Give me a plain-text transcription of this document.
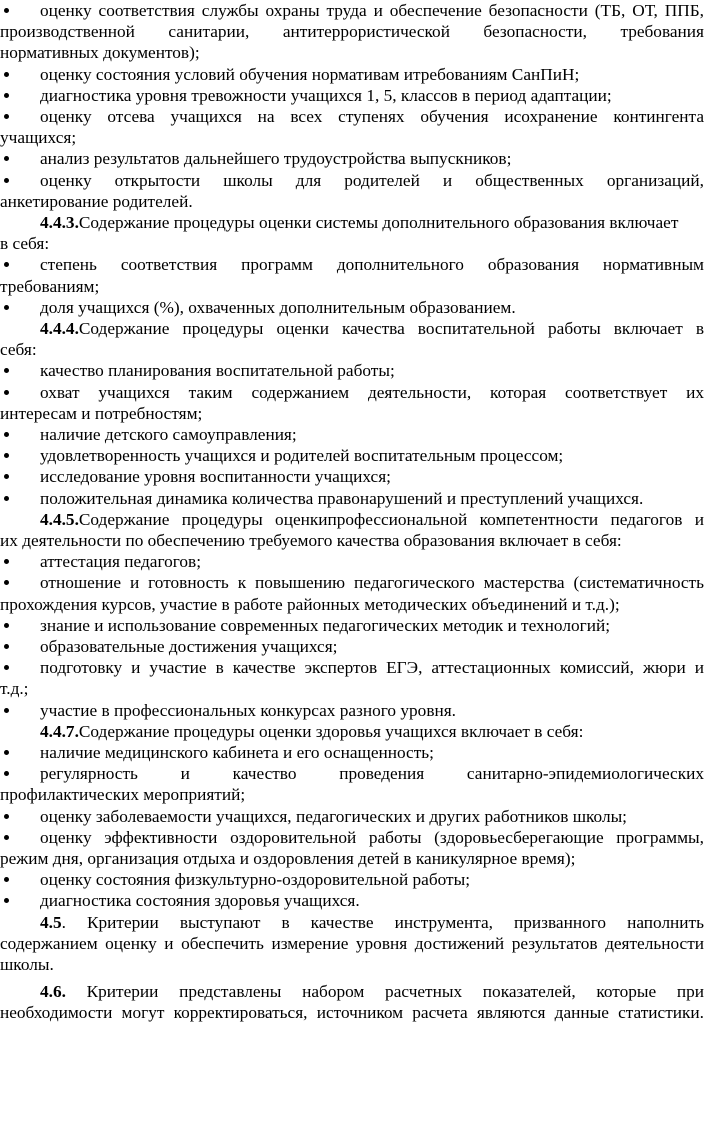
оценку соответствия службы охраны труда и обеспечение безопасности (ТБ, ОТ, ППБ,
производственной санитарии, антитеррористической безопасности, требования
нормативных документов);
оценку состояния условий обучения нормативам итребованиям СанПиН;
диагностика уровня тревожности учащихся 1, 5, классов в период адаптации;
оценку отсева учащихся на всех ступенях обучения исохранение контингента
учащихся;
анализ результатов дальнейшего трудоустройства выпускников;
оценку открытости школы для родителей и общественных организаций,
анкетирование родителей.
4.4.3.Содержание процедуры оценки системы дополнительного образования включает
в себя:
степень соответствия программ дополнительного образования нормативным
требованиям;
доля учащихся (%), охваченных дополнительным образованием.
4.4.4.Содержание процедуры оценки качества воспитательной работы включает в
себя:
качество планирования воспитательной работы;
охват учащихся таким содержанием деятельности, которая соответствует их
интересам и потребностям;
наличие детского самоуправления;
удовлетворенность учащихся и родителей воспитательным процессом;
исследование уровня воспитанности учащихся;
положительная динамика количества правонарушений и преступлений учащихся.
4.4.5.Содержание процедуры оценкипрофессиональной компетентности педагогов и
их деятельности по обеспечению требуемого качества образования включает в себя:
аттестация педагогов;
отношение и готовность к повышению педагогического мастерства (систематичность
прохождения курсов, участие в работе районных методических объединений и т.д.);
знание и использование современных педагогических методик и технологий;
образовательные достижения учащихся;
подготовку и участие в качестве экспертов ЕГЭ, аттестационных комиссий, жюри и
т.д.;
участие в профессиональных конкурсах разного уровня.
4.4.7.Содержание процедуры оценки здоровья учащихся включает в себя:
наличие медицинского кабинета и его оснащенность;
регулярность и качество проведения санитарно-эпидемиологических
профилактических мероприятий;
оценку заболеваемости учащихся, педагогических и других работников школы;
оценку эффективности оздоровительной работы (здоровьесберегающие программы,
режим дня, организация отдыха и оздоровления детей в каникулярное время);
оценку состояния физкультурно-оздоровительной работы;
диагностика состояния здоровья учащихся.
4.5. Критерии выступают в качестве инструмента, призванного наполнить
содержанием оценку и обеспечить измерение уровня достижений результатов деятельности
школы.
4.6. Критерии представлены набором расчетных показателей, которые при
необходимости могут корректироваться, источником расчета являются данные статистики.
